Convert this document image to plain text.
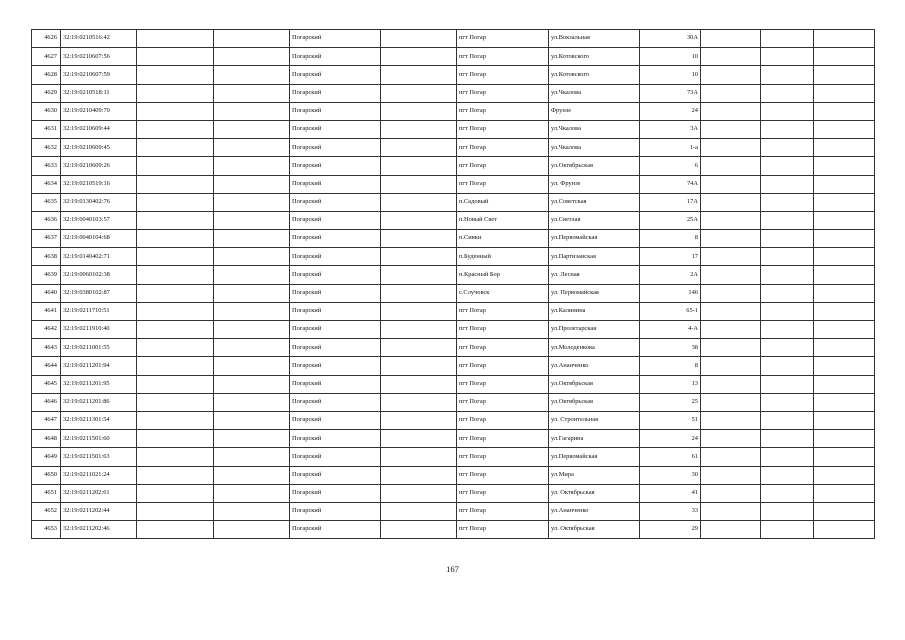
4626	32:19:0210516:42			Погарский		пгт Погар	ул.Вокзальная	30А			
4627	32:19:0210607:56			Погарский		пгт Погар	ул.Котовского	10			
4628	32:19:0210607:59			Погарский		пгт Погар	ул.Котовского	10			
4629	32:19:0210518:11			Погарский		пгт Погар	ул.Чкалова	73А			
4630	32:19:0210409:70			Погарский		пгт Погар	Фрунзе	24			
4631	32:19:0210609:44			Погарский		пгт Погар	ул.Чкалова	3А			
4632	32:19:0210609:45			Погарский		пгт Погар	ул.Чкалова	1-а			
4633	32:19:0210609:26			Погарский		пгт Погар	ул.Октябрьская	6			
4634	32:19:0210519:16			Погарский		пгт Погар	ул. Фрунзе	74А			
4635	32:19:0130402:76			Погарский		п.Садовый	ул.Советская	17А			
4636	32:19:0040103:57			Погарский		п.Новый Свет	ул.Светлая	25А			
4637	32:19:0040104:68			Погарский		п.Сивки	ул.Первомайская	8			
4638	32:19:0140402:71			Погарский		п.Буденный	ул.Партизанская	17			
4639	32:19:0060102:38			Погарский		п.Красный Бор	ул. Лесная	2А			
4640	32:19:0380102:87			Погарский		с.Случовск	ул. Первомайская	146			
4641	32:19:0211710:51			Погарский		пгт Погар	ул.Калинина	65-1			
4642	32:19:0211910:40			Погарский		пгт Погар	ул.Пролетарская	4-А			
4643	32:19:0211001:55			Погарский		пгт Погар	ул.Молоденкова	38			
4644	32:19:0211201:94			Погарский		пгт Погар	ул.Ананченко	8			
4645	32:19:0211201:95			Погарский		пгт Погар	ул.Октябрьская	13			
4646	32:19:0211201:86			Погарский		пгт Погар	ул.Октябрьская	25			
4647	32:19:0211301:54			Погарский		пгт Погар	ул. Строительная	51			
4648	32:19:0211501:60			Погарский		пгт Погар	ул.Гагарина	24			
4649	32:19:0211501:63			Погарский		пгт Погар	ул.Первомайская	61			
4650	32:19:0211021:24			Погарский		пгт Погар	ул.Мира	30			
4651	32:19:0211202:61			Погарский		пгт Погар	ул. Октябрьская	41			
4652	32:19:0211202:44			Погарский		пгт Погар	ул.Ананченко	33			
4653	32:19:0211202:46			Погарский		пгт Погар	ул. Октябрьская	29			
167
